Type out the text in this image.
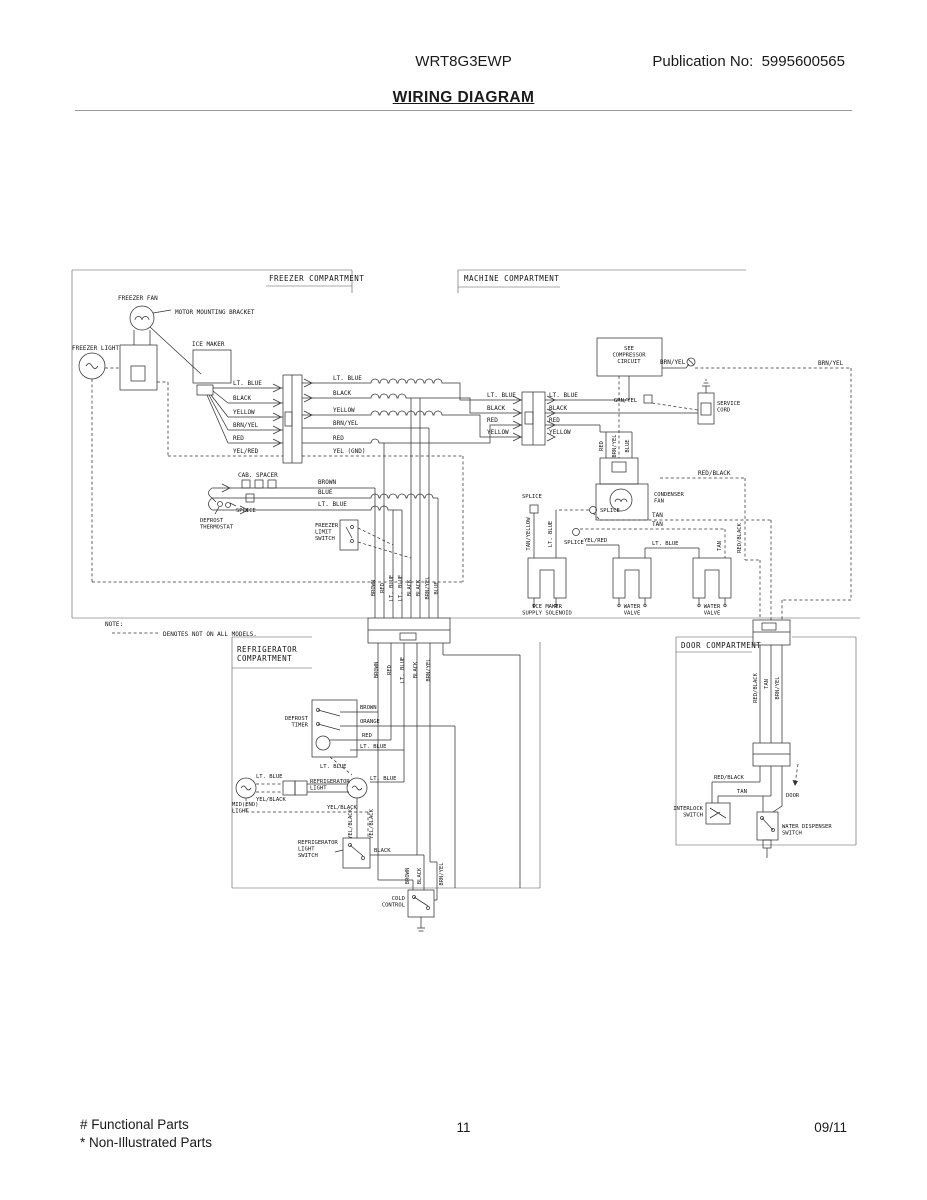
WRT8G3EWP	Publication No:  5995600565
WIRING DIAGRAM
FREEZER COMPARTMENT	MACHINE COMPARTMENT
REFRIGERATOR COMPARTMENT
DOOR COMPARTMENT
NOTE:
DENOTES NOT ON ALL MODELS.
FREEZER FAN
MOTOR MOUNTING BRACKET
FREEZER LIGHT
ICE MAKER
LT. BLUE
BLACK
YELLOW
BRN/YEL
RED
YEL/RED
LT. BLUE
BLACK
YELLOW
BRN/YEL
RED
YEL (GND)
CAB. SPACER
BROWN
BLUE
LT. BLUE
SPLICE
DEFROST THERMOSTAT	FREEZER LIMIT SWITCH
BROWN RED LT. BLUE LT. BLUE BLACK BLACK BRN/YEL BLUE
LT. BLUE
BLACK
RED
YELLOW
LT. BLUE
BLACK
RED
YELLOW
SEE COMPRESSOR CIRCUIT
SERVICE CORD
GRN/YEL
BRN/YEL	BRN/YEL
CONDENSER FAN
RED BRN/YEL BLUE
RED/BLACK
RED/BLACK
TAN
TAN
SPLICE
SPLICE
SPLICE
ICE MAKER SUPPLY SOLENOID
TAN/YELLOW	LT. BLUE
WATER VALVE
YEL/RED	LT. BLUE
WATER VALVE
TAN
BROWN RED LT. BLUE BLACK BRN/YEL
DEFROST TIMER
BROWN
ORANGE
RED
LT. BLUE
LT. BLUE
REFRIGERATOR LIGHT
LT. BLUE
MID(END) LIGHT
LT. BLUE
YEL/BLACK
YEL/BLACK
YEL/BLACK	YEL/BLACK
REFRIGERATOR LIGHT SWITCH
BLACK
COLD CONTROL
BROWN BLACK	BRN/YEL
RED/BLACK TAN BRN/YEL
INTERLOCK SWITCH
RED/BLACK
TAN
WATER DISPENSER SWITCH
DOOR
# Functional Parts
* Non-Illustrated Parts
11	09/11
